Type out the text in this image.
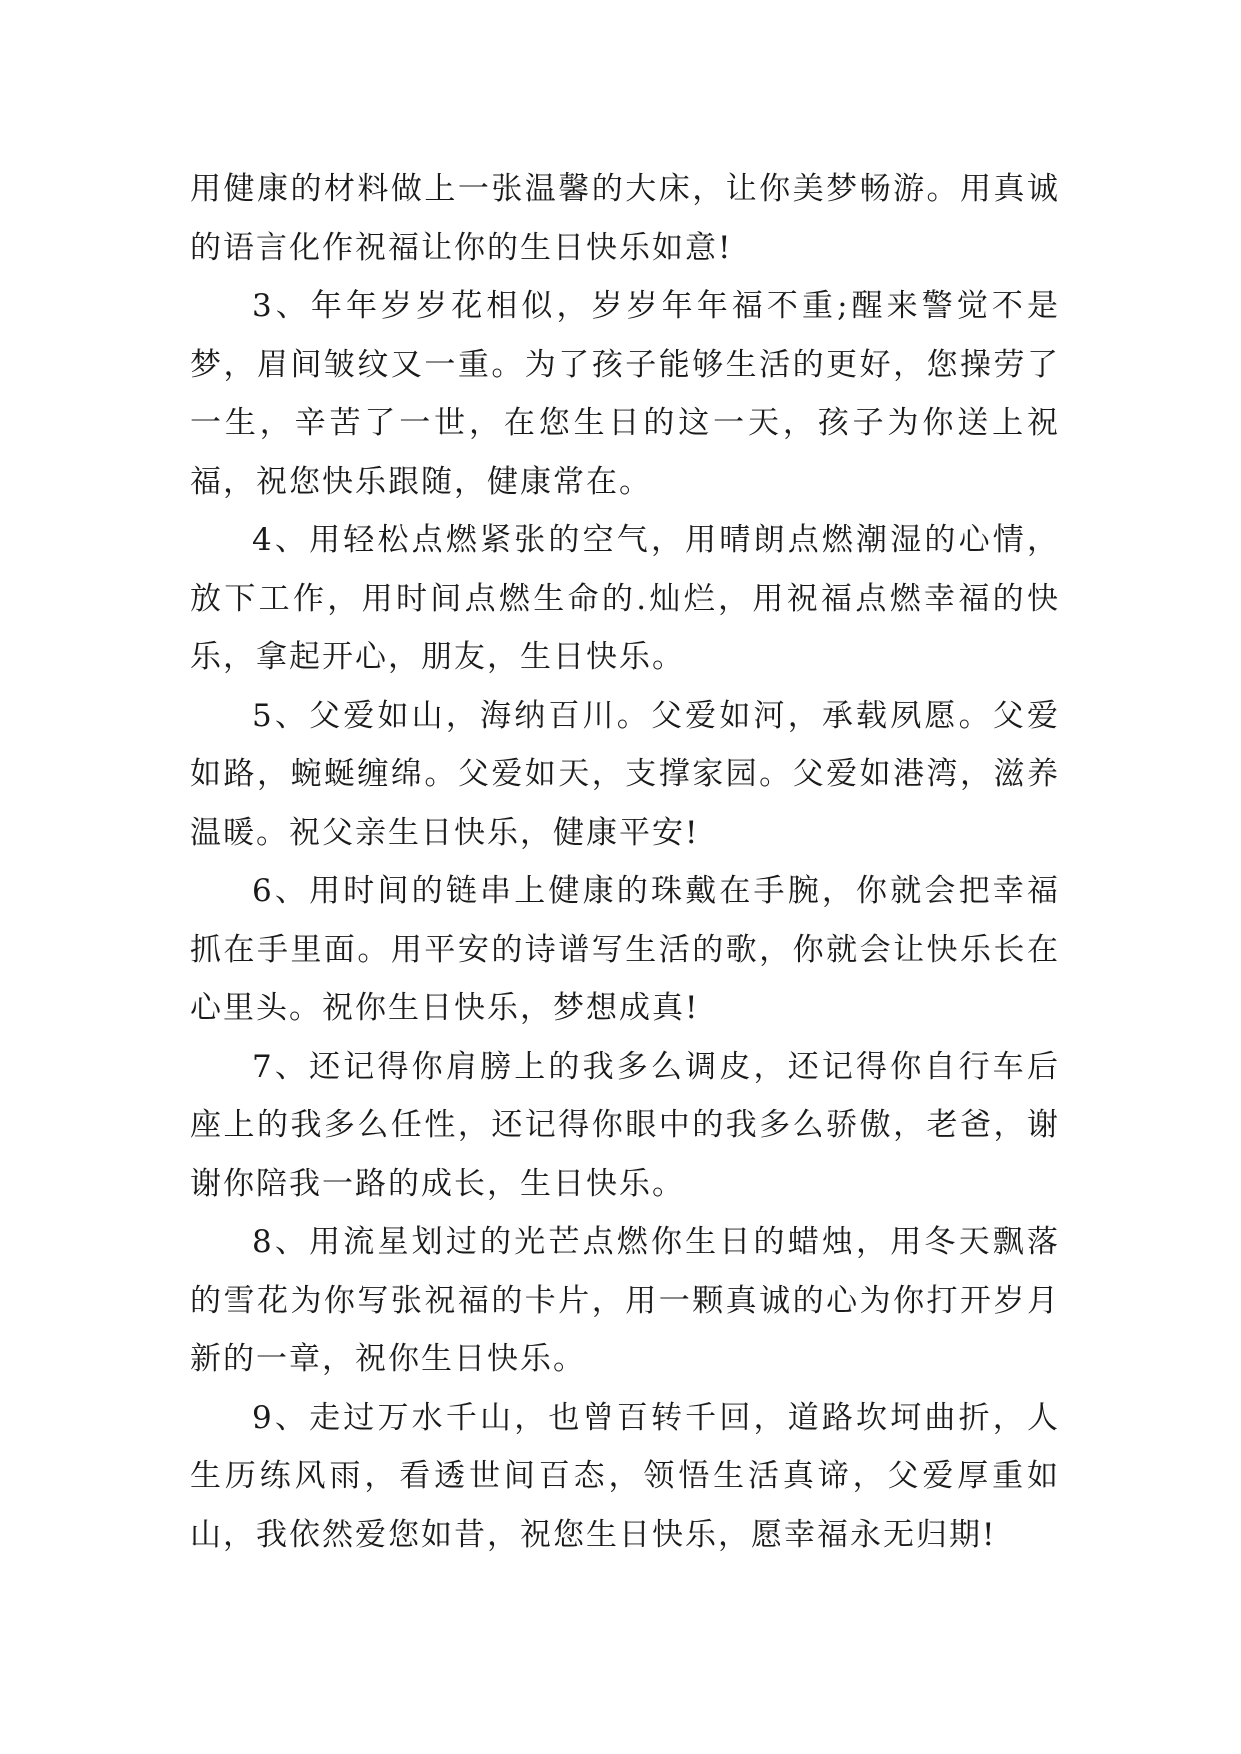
用健康的材料做上一张温馨的大床，让你美梦畅游。用真诚的语言化作祝福让你的生日快乐如意!

3、年年岁岁花相似，岁岁年年福不重;醒来警觉不是梦，眉间皱纹又一重。为了孩子能够生活的更好，您操劳了一生，辛苦了一世，在您生日的这一天，孩子为你送上祝福，祝您快乐跟随，健康常在。

4、用轻松点燃紧张的空气，用晴朗点燃潮湿的心情，放下工作，用时间点燃生命的.灿烂，用祝福点燃幸福的快乐，拿起开心，朋友，生日快乐。

5、父爱如山，海纳百川。父爱如河，承载夙愿。父爱如路，蜿蜒缠绵。父爱如天，支撑家园。父爱如港湾，滋养温暖。祝父亲生日快乐，健康平安!

6、用时间的链串上健康的珠戴在手腕，你就会把幸福抓在手里面。用平安的诗谱写生活的歌，你就会让快乐长在心里头。祝你生日快乐，梦想成真!

7、还记得你肩膀上的我多么调皮，还记得你自行车后座上的我多么任性，还记得你眼中的我多么骄傲，老爸，谢谢你陪我一路的成长，生日快乐。

8、用流星划过的光芒点燃你生日的蜡烛，用冬天飘落的雪花为你写张祝福的卡片，用一颗真诚的心为你打开岁月新的一章，祝你生日快乐。

9、走过万水千山，也曾百转千回，道路坎坷曲折，人生历练风雨，看透世间百态，领悟生活真谛，父爱厚重如山，我依然爱您如昔，祝您生日快乐，愿幸福永无归期!
